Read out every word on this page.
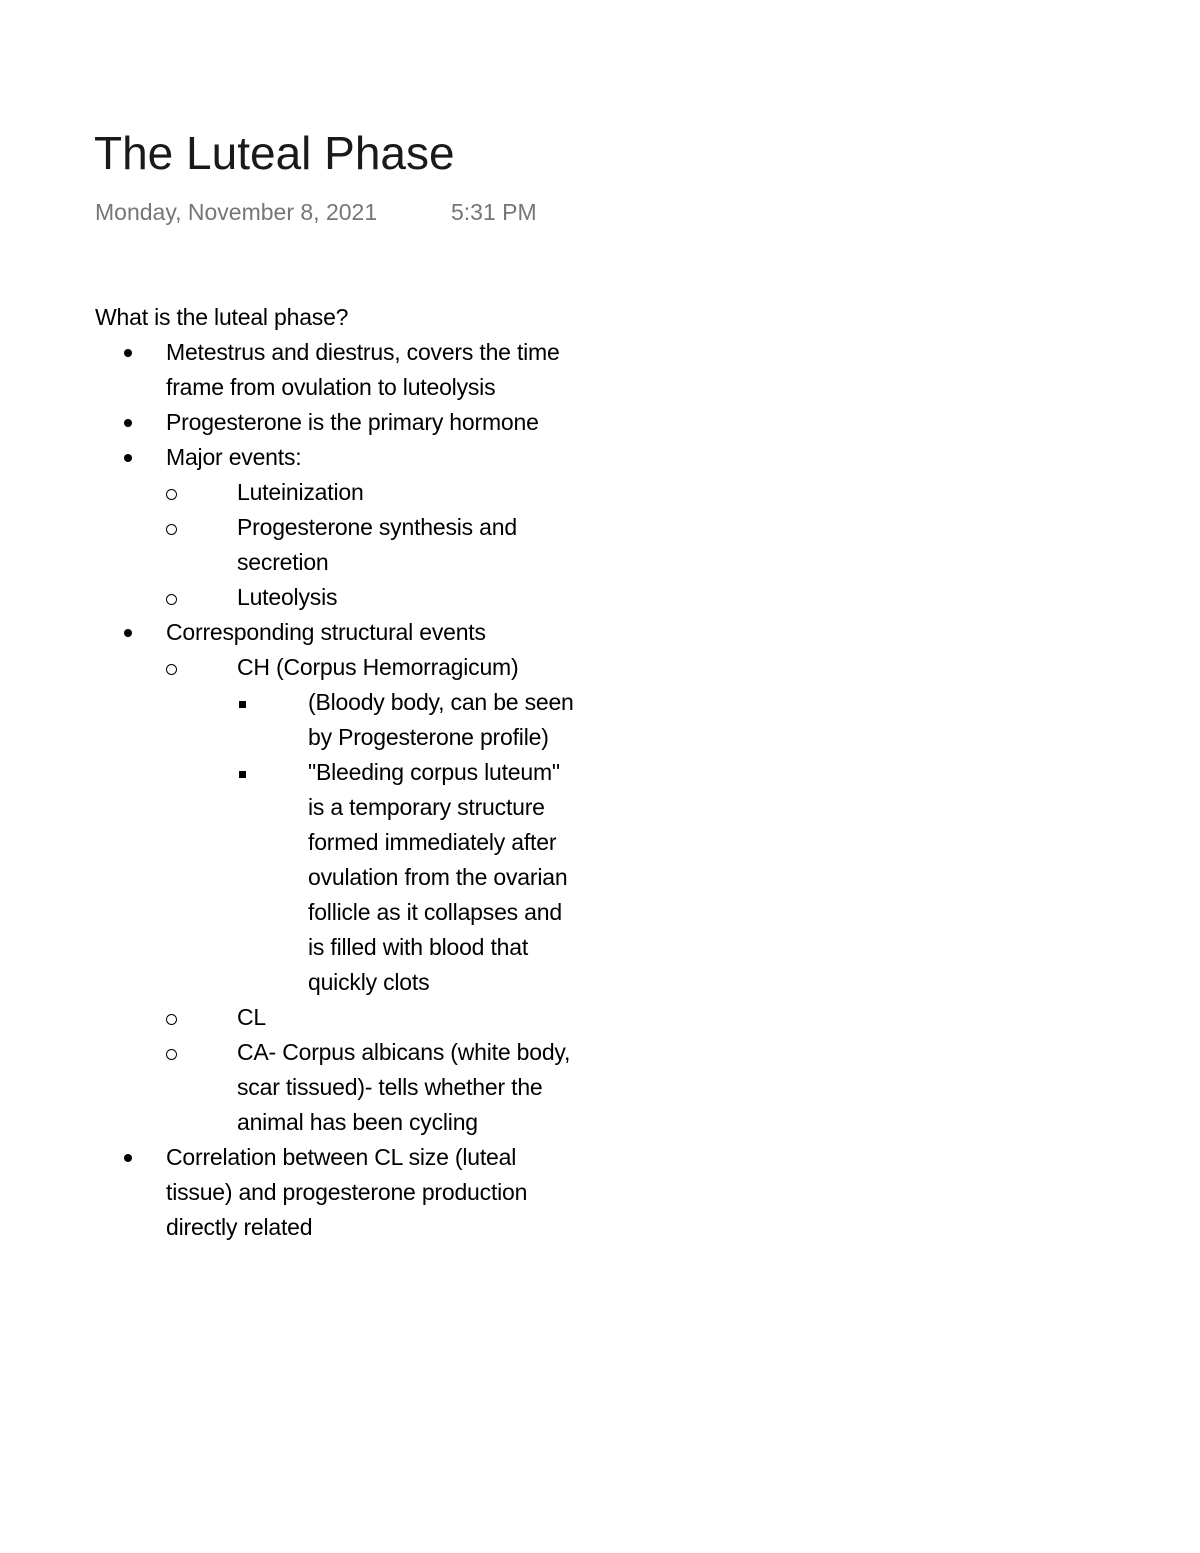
The Luteal Phase
Monday, November 8, 2021	5:31 PM

What is the luteal phase?

Metestrus and diestrus, covers the time frame from ovulation to luteolysis
Progesterone is the primary hormone
Major events:
Luteinization
Progesterone synthesis and secretion
Luteolysis
Corresponding structural events
CH (Corpus Hemorragicum)
(Bloody body, can be seen by Progesterone profile)
"Bleeding corpus luteum" is a temporary structure formed immediately after ovulation from the ovarian follicle as it collapses and is filled with blood that quickly clots
CL
CA- Corpus albicans (white body, scar tissued)- tells whether the animal has been cycling
Correlation between CL size (luteal tissue) and progesterone production directly related
